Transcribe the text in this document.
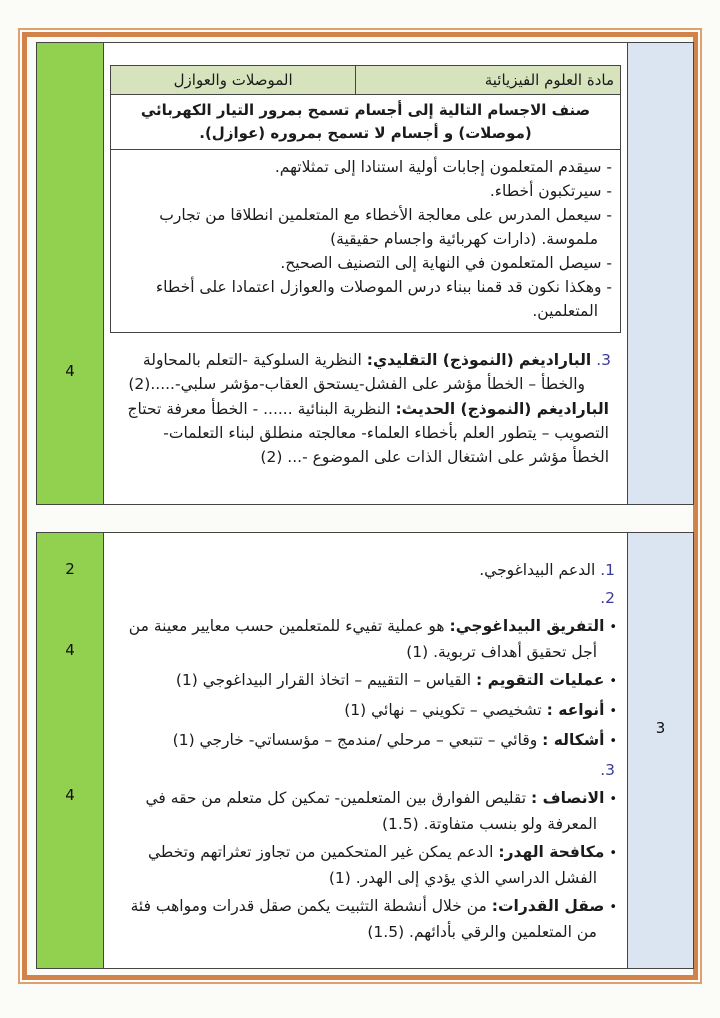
مادة العلوم الفيزيائية
الموصلات والعوازل
صنف الاجسام التالية إلى أجسام تسمح بمرور التيار الكهربائي (موصلات) و أجسام لا تسمح بمروره (عوازل).
- سيقدم المتعلمون إجابات أولية استنادا إلى تمثلاتهم.
- سيرتكبون أخطاء.
- سيعمل المدرس على معالجة الأخطاء مع المتعلمين انطلاقا من تجارب ملموسة. (دارات كهربائية واجسام حقيقية)
- سيصل المتعلمون في النهاية إلى التصنيف الصحيح.
- وهكذا نكون قد قمنا ببناء درس الموصلات والعوازل اعتمادا على أخطاء المتعلمين.

3. الباراديغم (النموذج) التقليدي: النظرية السلوكية -التعلم بالمحاولة والخطأ – الخطأ مؤشر على الفشل-يستحق العقاب-مؤشر سلبي-.....(2)

الباراديغم (النموذج) الحديث: النظرية البنائية ...... - الخطأ معرفة تحتاج التصويب – يتطور العلم بأخطاء العلماء- معالجته منطلق لبناء التعلمات- الخطأ مؤشر على اشتغال الذات على الموضوع -... (2)

4
3
1. الدعم البيداغوجي.
2.
• التفريق البيداغوجي: هو عملية تفييء للمتعلمين حسب معايير معينة من أجل تحقيق أهداف تربوية. (1)
• عمليات التقويم : القياس – التقييم – اتخاذ القرار البيداغوجي (1)
• أنواعه : تشخيصي – تكويني – نهائي (1)
• أشكاله : وقائي – تتبعي – مرحلي /مندمج – مؤسساتي- خارجي (1)
3.
• الانصاف : تقليص الفوارق بين المتعلمين- تمكين كل متعلم من حقه في المعرفة ولو بنسب متفاوتة. (1.5)
• مكافحة الهدر: الدعم يمكن غير المتحكمين من تجاوز تعثراتهم وتخطي الفشل الدراسي الذي يؤدي إلى الهدر. (1)
• صقل القدرات: من خلال أنشطة التثبيت يكمن صقل قدرات ومواهب فئة من المتعلمين والرقي بأدائهم. (1.5)
2
4
4
